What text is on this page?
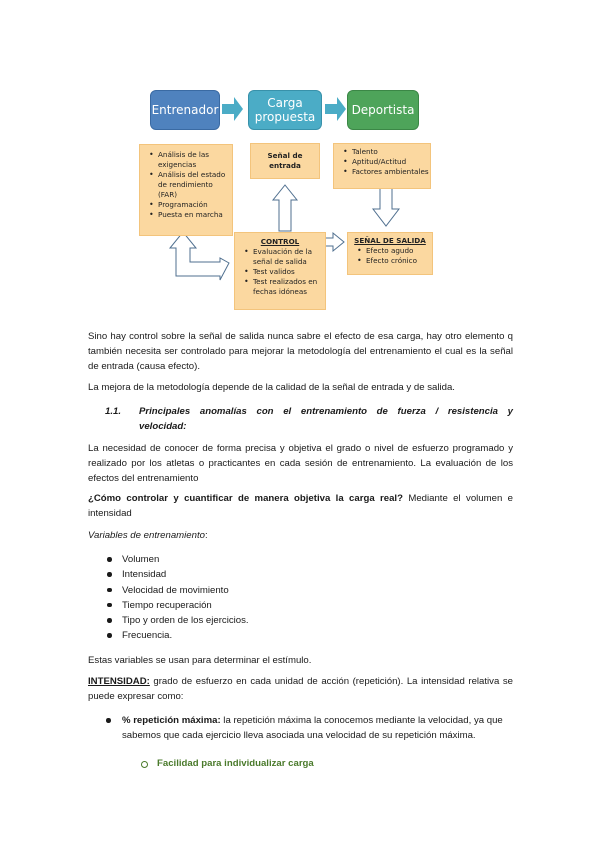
Entrenador	Carga
propuesta	Deportista
• Análisis de las exigencias
• Análisis del estado de rendimiento (FAR)
• Programación
• Puesta en marcha
Señal de
entrada
• Talento
• Aptitud/Actitud
• Factores ambientales
CONTROL
• Evaluación de la señal de salida
• Test validos
• Test realizados en fechas idóneas
SEÑAL DE SALIDA
• Efecto agudo
• Efecto crónico
Sino hay control sobre la señal de salida nunca sabre el efecto de esa carga, hay otro elemento q también necesita ser controlado para mejorar la metodología del entrenamiento el cual es la señal de entrada (causa efecto).
La mejora de la metodología depende de la calidad de la señal de entrada y de salida.
1.1. Principales anomalías con el entrenamiento de fuerza / resistencia y
velocidad:
La necesidad de conocer de forma precisa y objetiva el grado o nivel de esfuerzo programado y realizado por los atletas o practicantes en cada sesión de entrenamiento. La evaluación de los efectos del entrenamiento
¿Cómo controlar y cuantificar de manera objetiva la carga real? Mediante el volumen e intensidad
Variables de entrenamiento:
Volumen
Intensidad
Velocidad de movimiento
Tiempo recuperación
Tipo y orden de los ejercicios.
Frecuencia.
Estas variables se usan para determinar el estímulo.
INTENSIDAD: grado de esfuerzo en cada unidad de acción (repetición). La intensidad relativa se puede expresar como:
% repetición máxima: la repetición máxima la conocemos mediante la velocidad, ya que sabemos que cada ejercicio lleva asociada una velocidad de su repetición máxima.
Facilidad para individualizar carga
